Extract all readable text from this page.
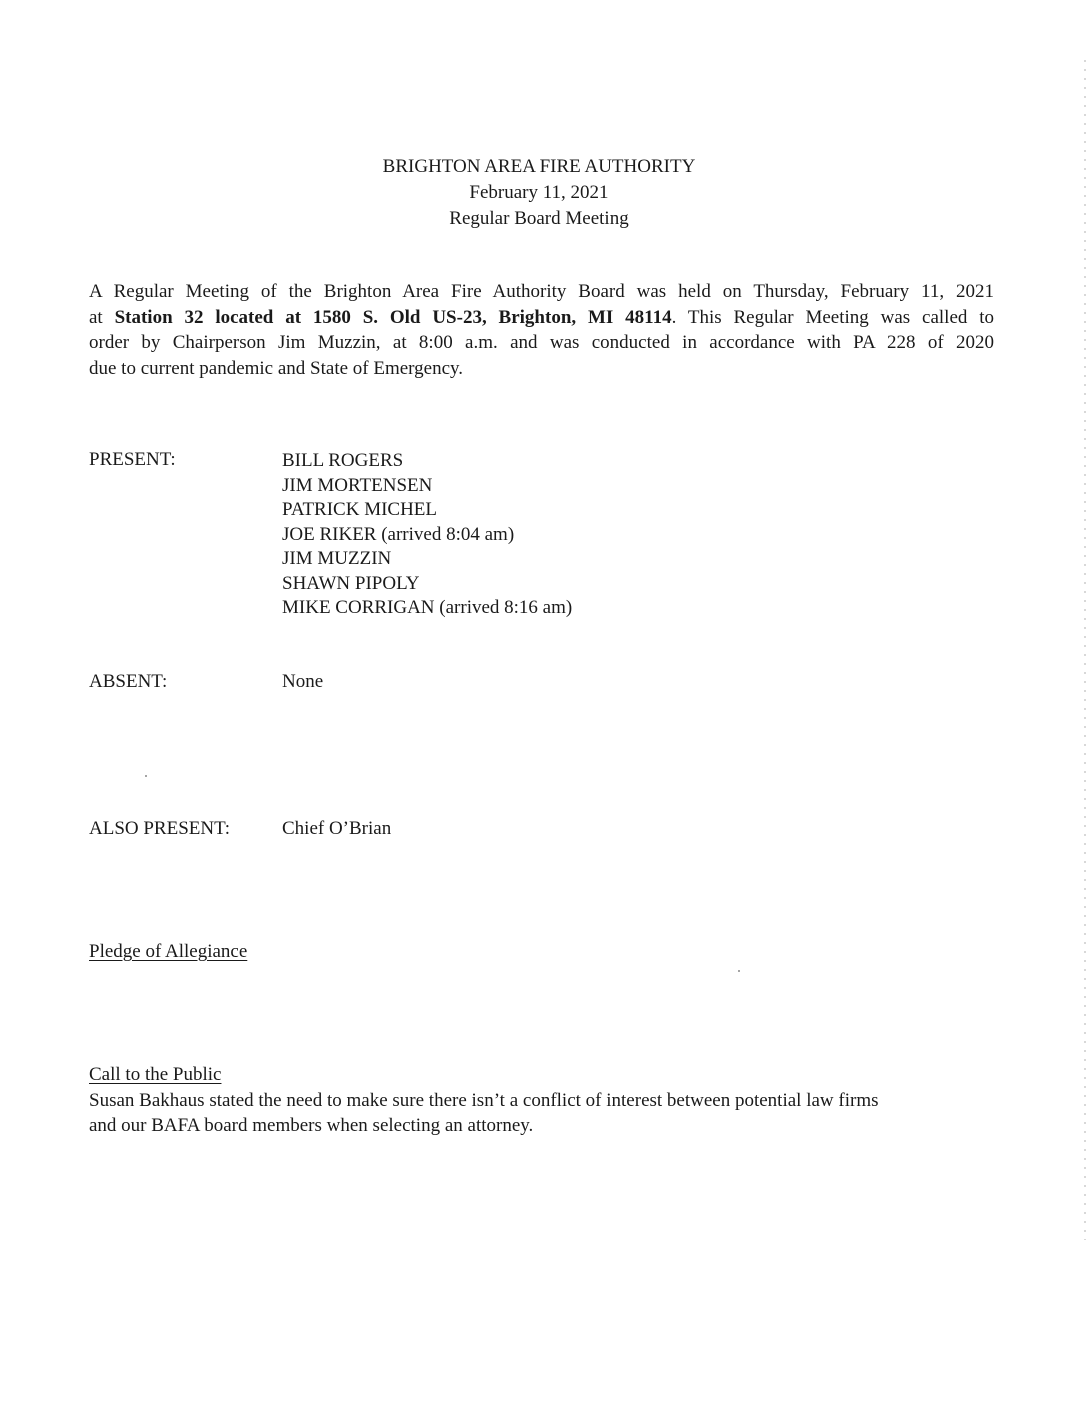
BRIGHTON AREA FIRE AUTHORITY
February 11, 2021
Regular Board Meeting
A Regular Meeting of the Brighton Area Fire Authority Board was held on Thursday, February 11, 2021
at Station 32 located at 1580 S. Old US-23, Brighton, MI 48114. This Regular Meeting was called to
order by Chairperson Jim Muzzin, at 8:00 a.m. and was conducted in accordance with PA 228 of 2020
due to current pandemic and State of Emergency.
PRESENT:	BILL ROGERS
JIM MORTENSEN
PATRICK MICHEL
JOE RIKER (arrived 8:04 am)
JIM MUZZIN
SHAWN PIPOLY
MIKE CORRIGAN (arrived 8:16 am)
ABSENT:	None
ALSO PRESENT:	Chief O’Brian
Pledge of Allegiance
Call to the Public
Susan Bakhaus stated the need to make sure there isn’t a conflict of interest between potential law firms
and our BAFA board members when selecting an attorney.
